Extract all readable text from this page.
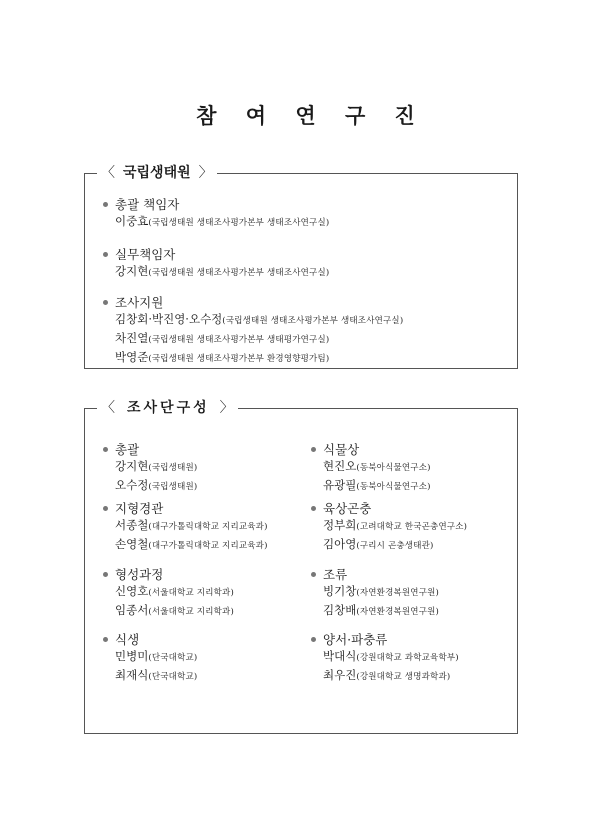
참 여 연 구 진
〈 국립생태원 〉
총괄 책임자
이중효(국립생태원 생태조사평가본부 생태조사연구실)
실무책임자
강지현(국립생태원 생태조사평가본부 생태조사연구실)
조사지원
김창회·박진영·오수정(국립생태원 생태조사평가본부 생태조사연구실)
차진열(국립생태원 생태조사평가본부 생태평가연구실)
박영준(국립생태원 생태조사평가본부 환경영향평가팀)
〈 조사단구성 〉
총괄
강지현(국립생태원)
오수정(국립생태원)
지형경관
서종철(대구가톨릭대학교 지리교육과)
손영철(대구가톨릭대학교 지리교육과)
형성과정
신영호(서울대학교 지리학과)
임종서(서울대학교 지리학과)
식생
민병미(단국대학교)
최재식(단국대학교)
식물상
현진오(동북아식물연구소)
유광필(동북아식물연구소)
육상곤충
정부희(고려대학교 한국곤충연구소)
김아영(구리시 곤충생태관)
조류
빙기창(자연환경복원연구원)
김창배(자연환경복원연구원)
양서·파충류
박대식(강원대학교 과학교육학부)
최우진(강원대학교 생명과학과)
